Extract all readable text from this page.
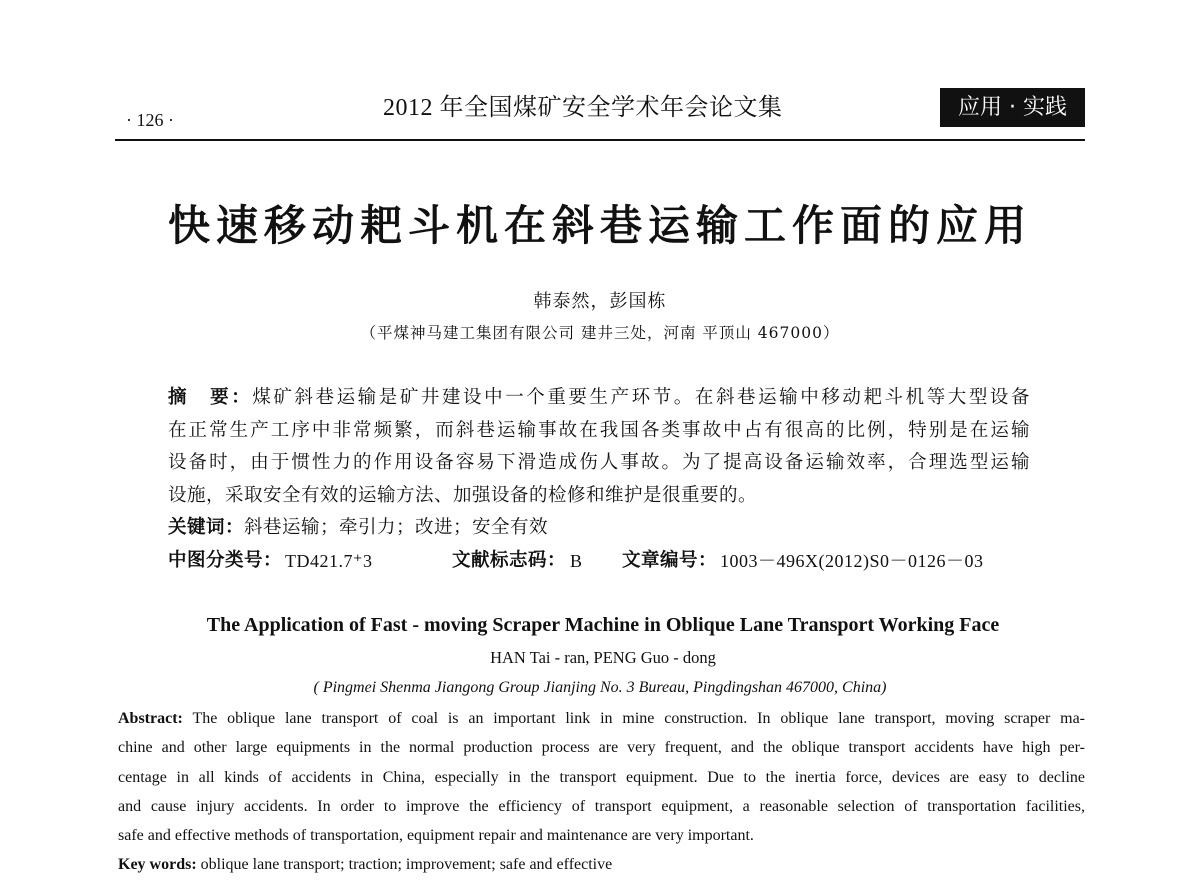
· 126 ·	2012 年全国煤矿安全学术年会论文集	应用 · 实践
快速移动耙斗机在斜巷运输工作面的应用
韩泰然，彭国栋
（平煤神马建工集团有限公司 建井三处，河南 平顶山 467000）
摘　要：煤矿斜巷运输是矿井建设中一个重要生产环节。在斜巷运输中移动耙斗机等大型设备
在正常生产工序中非常频繁，而斜巷运输事故在我国各类事故中占有很高的比例，特别是在运输
设备时，由于惯性力的作用设备容易下滑造成伤人事故。为了提高设备运输效率，合理选型运输
设施，采取安全有效的运输方法、加强设备的检修和维护是很重要的。
关键词：斜巷运输；牵引力；改进；安全有效
中图分类号： TD421.7⁺3	文献标志码： B 文章编号： 1003－496X(2012)S0－0126－03
The Application of Fast - moving Scraper Machine in Oblique Lane Transport Working Face
HAN Tai - ran, PENG Guo - dong
( Pingmei Shenma Jiangong Group Jianjing No. 3 Bureau, Pingdingshan 467000, China)
Abstract: The oblique lane transport of coal is an important link in mine construction. In oblique lane transport, moving scraper ma-
chine and other large equipments in the normal production process are very frequent, and the oblique transport accidents have high per-
centage in all kinds of accidents in China, especially in the transport equipment. Due to the inertia force, devices are easy to decline
and cause injury accidents. In order to improve the efficiency of transport equipment, a reasonable selection of transportation facilities,
safe and effective methods of transportation, equipment repair and maintenance are very important.
Key words: oblique lane transport; traction; improvement; safe and effective
